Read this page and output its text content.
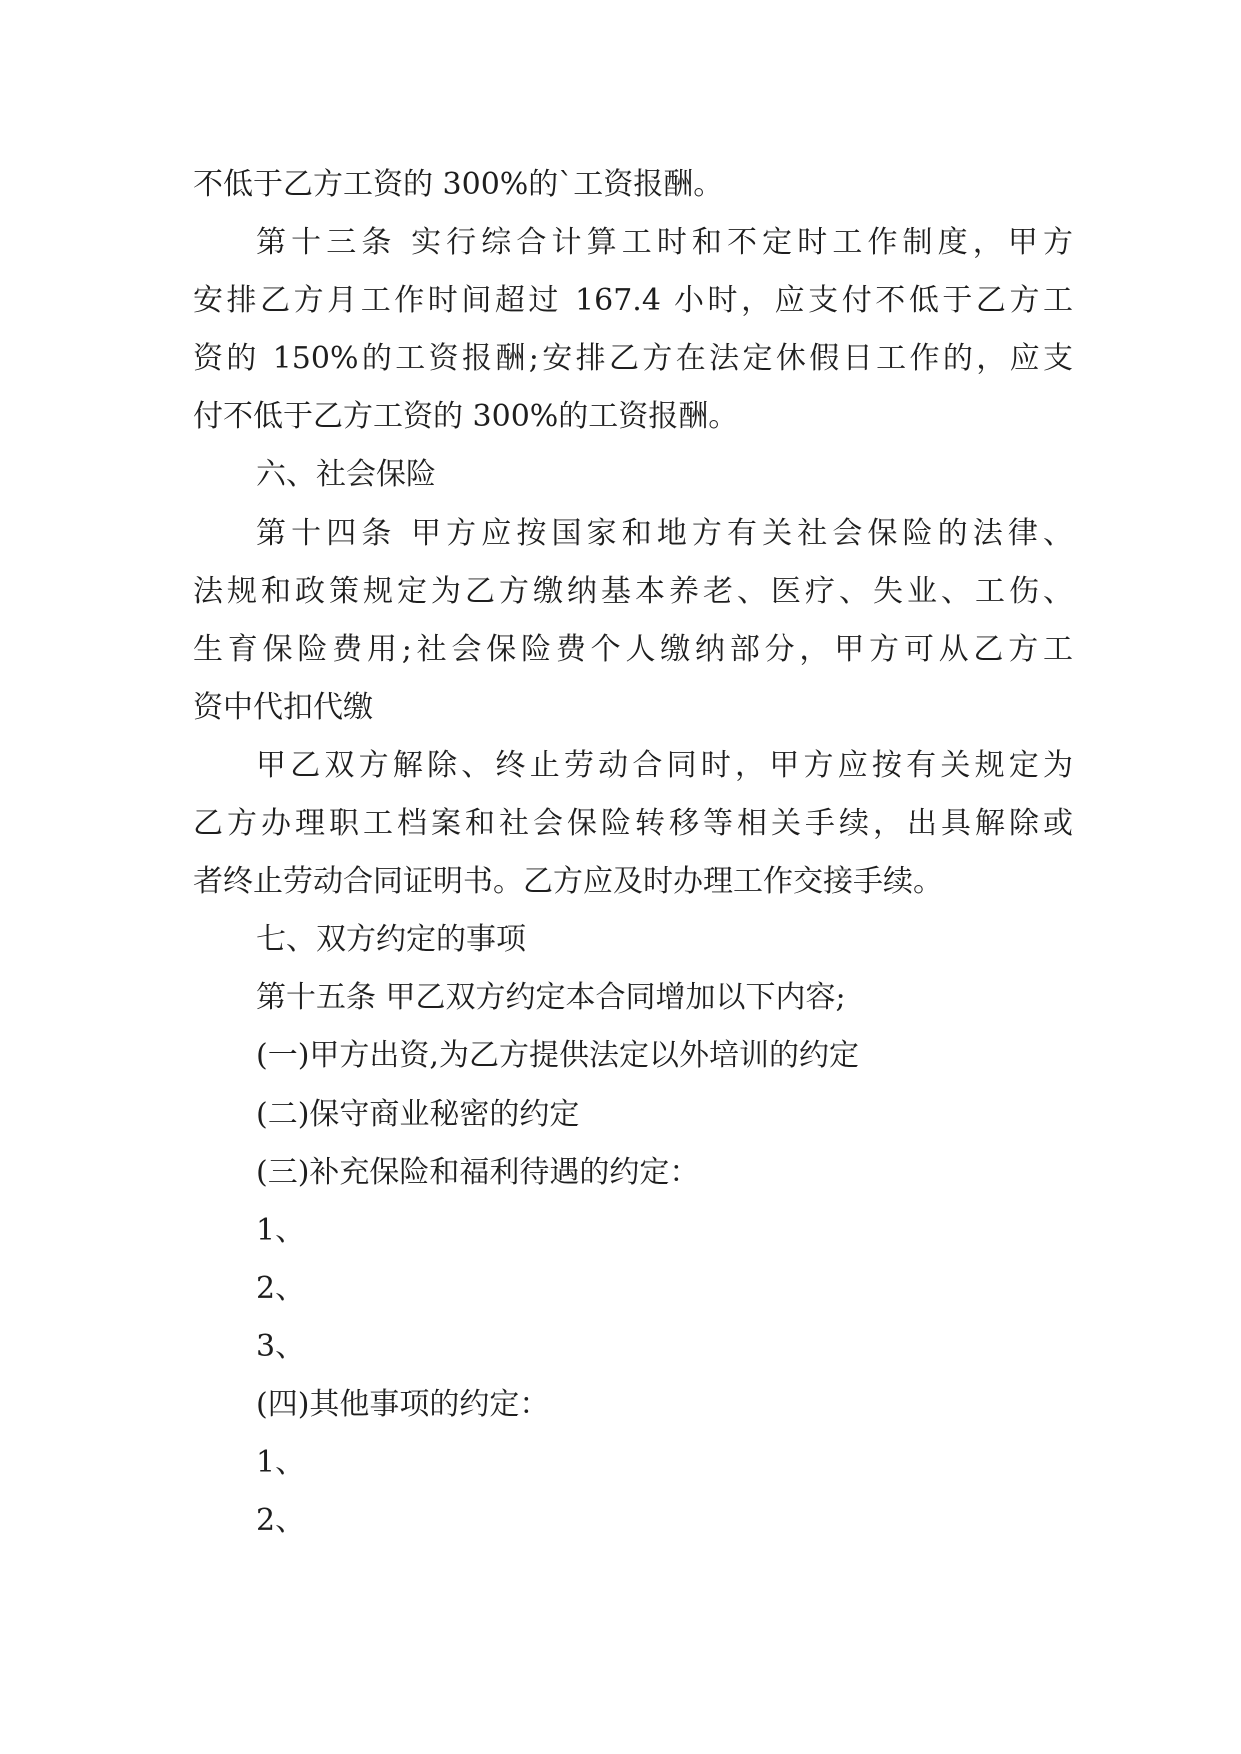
不低于乙方工资的 300%的`工资报酬。
第十三条 实行综合计算工时和不定时工作制度，甲方
安排乙方月工作时间超过 167.4 小时，应支付不低于乙方工
资的 150%的工资报酬;安排乙方在法定休假日工作的，应支
付不低于乙方工资的 300%的工资报酬。
六、社会保险
第十四条 甲方应按国家和地方有关社会保险的法律、
法规和政策规定为乙方缴纳基本养老、医疗、失业、工伤、
生育保险费用;社会保险费个人缴纳部分，甲方可从乙方工
资中代扣代缴
甲乙双方解除、终止劳动合同时，甲方应按有关规定为
乙方办理职工档案和社会保险转移等相关手续，出具解除或
者终止劳动合同证明书。乙方应及时办理工作交接手续。
七、双方约定的事项
第十五条 甲乙双方约定本合同增加以下内容;
(一)甲方出资,为乙方提供法定以外培训的约定
(二)保守商业秘密的约定
(三)补充保险和福利待遇的约定：
1、
2、
3、
(四)其他事项的约定：
1、
2、
